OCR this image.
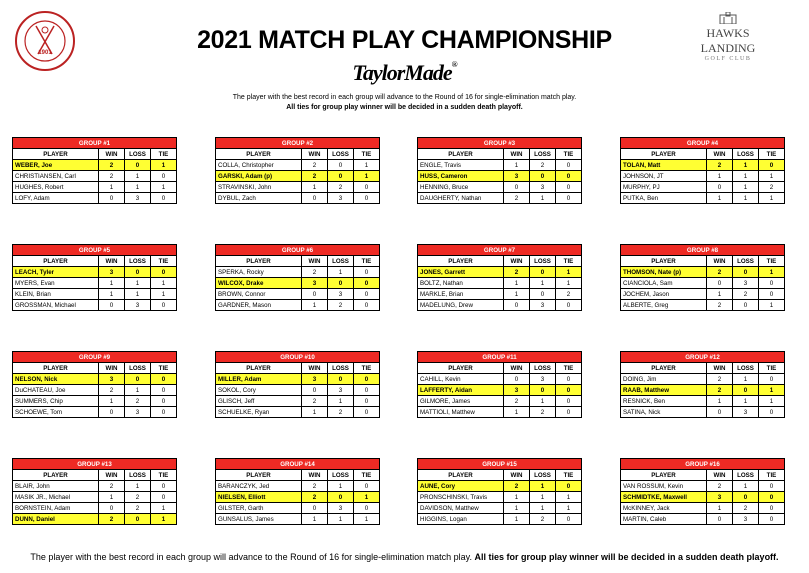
1901
HAWKS
LANDING
GOLF CLUB
2021 MATCH PLAY CHAMPIONSHIP
TaylorMade®
The player with the best record in each group will advance to the Round of 16 for single-elimination match play.
All ties for group play winner will be decided in a sudden death playoff.
GROUP #1			
PLAYER	WIN	LOSS	TIE
WEBER, Joe	2	0	1
CHRISTIANSEN, Carl	2	1	0
HUGHES, Robert	1	1	1
LOFY, Adam	0	3	0
GROUP #2			
PLAYER	WIN	LOSS	TIE
COLLA, Christopher	2	0	1
GARSKI, Adam (p)	2	0	1
STRAVINSKI, John	1	2	0
DYBUL, Zach	0	3	0
GROUP #3			
PLAYER	WIN	LOSS	TIE
ENGLE, Travis	1	2	0
HUSS, Cameron	3	0	0
HENNING, Bruce	0	3	0
DAUGHERTY, Nathan	2	1	0
GROUP #4			
PLAYER	WIN	LOSS	TIE
TOLAN, Matt	2	1	0
JOHNSON, JT	1	1	1
MURPHY, PJ	0	1	2
PUTKA, Ben	1	1	1
GROUP #5			
PLAYER	WIN	LOSS	TIE
LEACH, Tyler	3	0	0
MYERS, Evan	1	1	1
KLEIN, Brian	1	1	1
GROSSMAN, Michael	0	3	0
GROUP #6			
PLAYER	WIN	LOSS	TIE
SPERKA, Rocky	2	1	0
WILCOX, Drake	3	0	0
BROWN, Connor	0	3	0
GARDNER, Mason	1	2	0
GROUP #7			
PLAYER	WIN	LOSS	TIE
JONES, Garrett	2	0	1
BOLTZ, Nathan	1	1	1
MARKLE, Brian	1	0	2
MADELUNG, Drew	0	3	0
GROUP #8			
PLAYER	WIN	LOSS	TIE
THOMSON, Nate (p)	2	0	1
CIANCIOLA, Sam	0	3	0
JOCHEM, Jason	1	2	0
ALBERTE, Greg	2	0	1
GROUP #9			
PLAYER	WIN	LOSS	TIE
NELSON, Nick	3	0	0
DuCHATEAU, Joe	2	1	0
SUMMERS, Chip	1	2	0
SCHOEWE, Tom	0	3	0
GROUP #10			
PLAYER	WIN	LOSS	TIE
MILLER, Adam	3	0	0
SOKOL, Cory	0	3	0
GLISCH, Jeff	2	1	0
SCHUELKE, Ryan	1	2	0
GROUP #11			
PLAYER	WIN	LOSS	TIE
CAHILL, Kevin	0	3	0
LAFFERTY, Aidan	3	0	0
GILMORE, James	2	1	0
MATTIOLI, Matthew	1	2	0
GROUP #12			
PLAYER	WIN	LOSS	TIE
DOING, Jim	2	1	0
RAAB, Matthew	2	0	1
RESNICK, Ben	1	1	1
SATINA, Nick	0	3	0
GROUP #13			
PLAYER	WIN	LOSS	TIE
BLAIR, John	2	1	0
MASIK JR., Michael	1	2	0
BORNSTEIN, Adam	0	2	1
DUNN, Daniel	2	0	1
GROUP #14			
PLAYER	WIN	LOSS	TIE
BARANCZYK, Jed	2	1	0
NIELSEN, Elliott	2	0	1
GILSTER, Garth	0	3	0
GUNSALUS, James	1	1	1
GROUP #15			
PLAYER	WIN	LOSS	TIE
AUNE, Cory	2	1	0
PRONSCHINSKI, Travis	1	1	1
DAVIDSON, Matthew	1	1	1
HIGGINS, Logan	1	2	0
GROUP #16			
PLAYER	WIN	LOSS	TIE
VAN ROSSUM, Kevin	2	1	0
SCHMIDTKE, Maxwell	3	0	0
McKINNEY, Jack	1	2	0
MARTIN, Caleb	0	3	0
The player with the best record in each group will advance to the Round of 16 for single-elimination match play. All ties for group play winner will be decided in a sudden death playoff.
